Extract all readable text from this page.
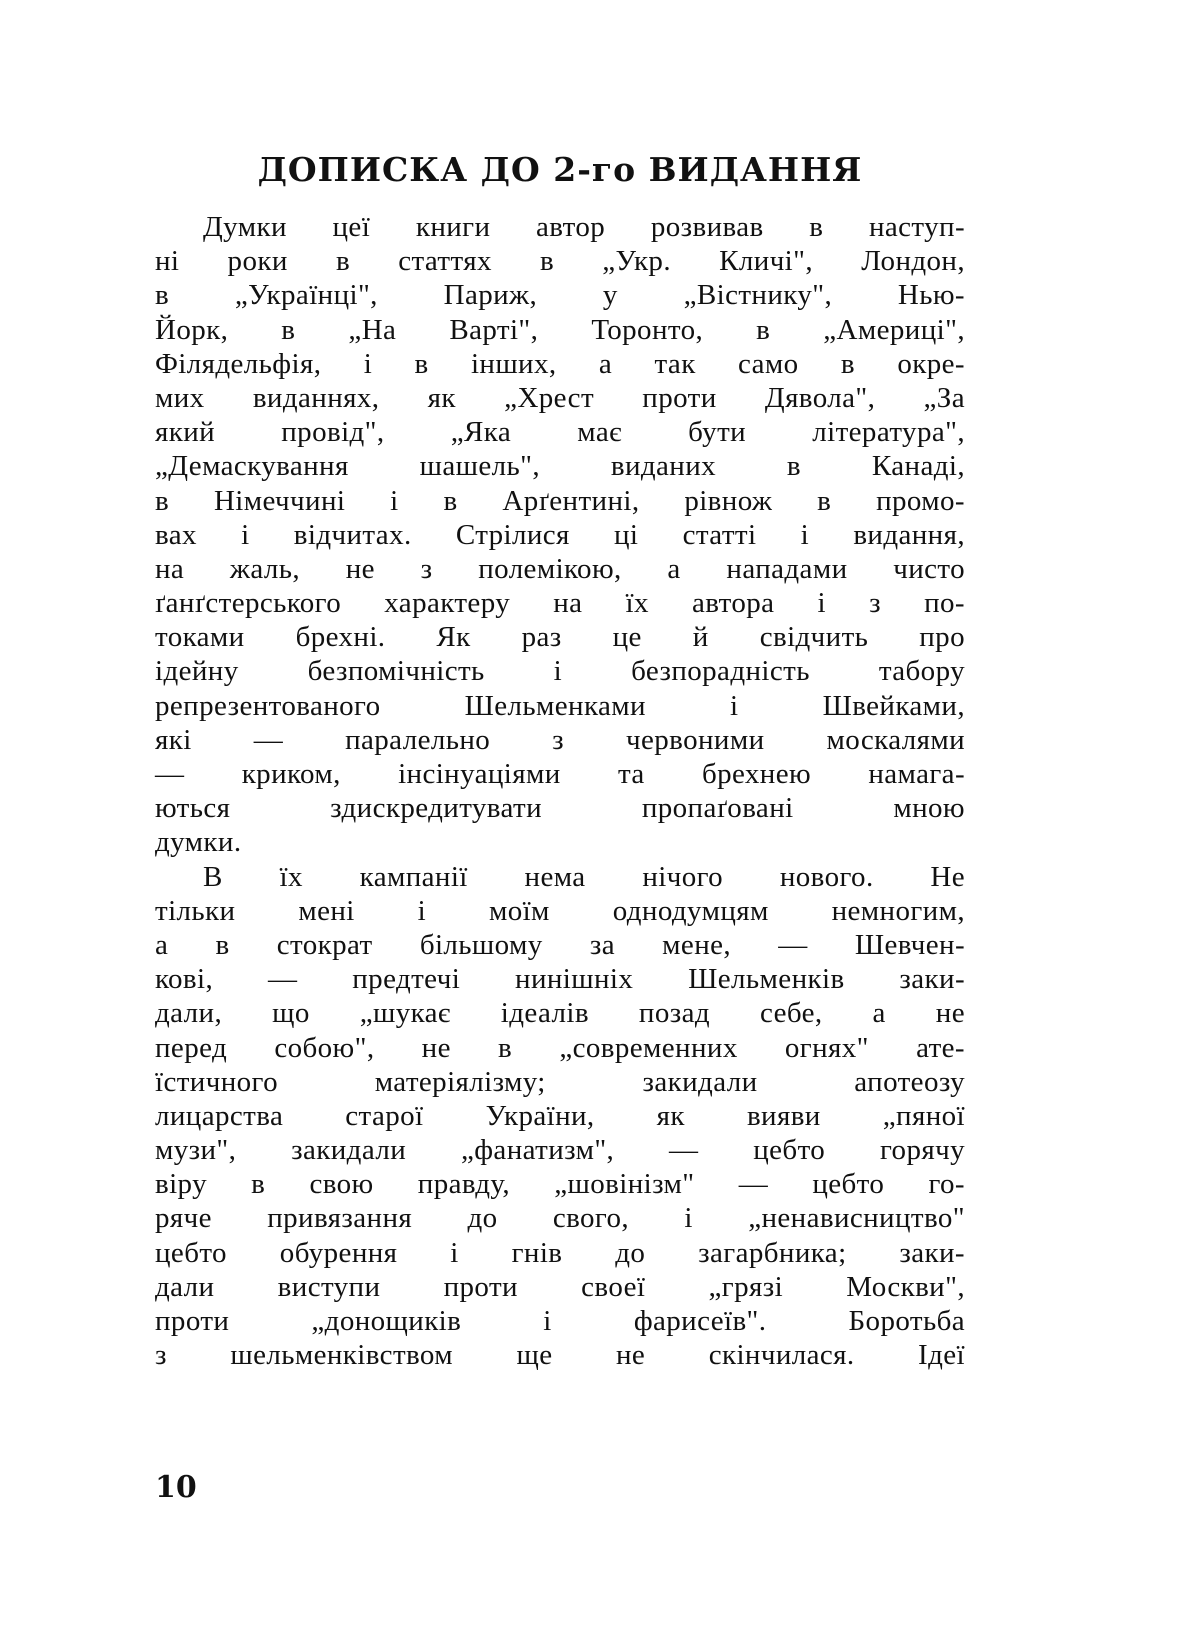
ДОПИСКА ДО 2-го ВИДАННЯ
Думки цеї книги автор розвивав в наступ-
ні роки в статтях в „Укр. Кличі", Лондон,
в „Українці", Париж, у „Вістнику", Нью-
Йорк, в „На Варті", Торонто, в „Америці",
Філядельфія, і в інших, а так само в окре-
мих виданнях, як „Хрест проти Дявола", „За
який провід", „Яка має бути література",
„Демаскування шашель", виданих в Канаді,
в Німеччині і в Арґентині, рівнож в промо-
вах і відчитах. Стрілися ці статті і видання,
на жаль, не з полемікою, а нападами чисто
ґанґстерського характеру на їх автора і з по-
токами брехні. Як раз це й свідчить про
ідейну безпомічність і безпорадність табору
репрезентованого Шельменками і Швейками,
які — паралельно з червоними москалями
— криком, інсінуаціями та брехнею намага-
ються здискредитувати пропаґовані мною
думки.
В їх кампанії нема нічого нового. Не
тільки мені і моїм однодумцям немногим,
а в стократ більшому за мене, — Шевчен-
кові, — предтечі нинішніх Шельменків заки-
дали, що „шукає ідеалів позад себе, а не
перед собою", не в „современних огнях" ате-
їстичного матеріялізму; закидали апотеозу
лицарства старої України, як вияви „пяної
музи", закидали „фанатизм", — цебто горячу
віру в свою правду, „шовінізм" — цебто го-
ряче привязання до свого, і „ненависництво"
цебто обурення і гнів до загарбника; заки-
дали виступи проти своеї „грязі Москви",
проти „донощиків і фарисеїв". Боротьба
з шельменківством ще не скінчилася. Ідеї
10
